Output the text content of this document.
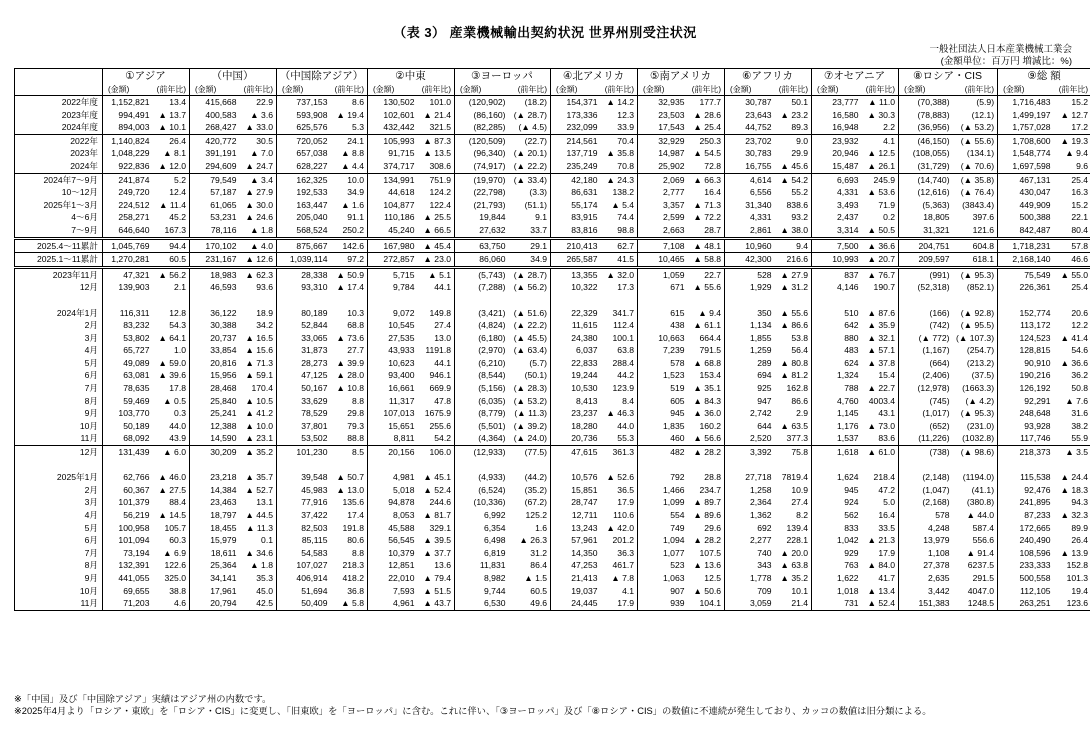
（表 3） 産業機械輸出契約状況 世界州別受注状況
一般社団法人日本産業機械工業会
(金額単位：百万円 増減比：%)
	①アジア		（中国）		（中国除アジア）		②中東		③ヨーロッパ		④北アメリカ		⑤南アメリカ		⑥アフリカ		⑦オセアニア		⑧ロシア・CIS		⑨総 額	
	(金額)	(前年比)	(金額)	(前年比)	(金額)	(前年比)	(金額)	(前年比)	(金額)	(前年比)	(金額)	(前年比)	(金額)	(前年比)	(金額)	(前年比)	(金額)	(前年比)	(金額)	(前年比)	(金額)	(前年比)
2022年度	1,152,821	13.4	415,668	22.9	737,153	8.6	130,502	101.0	(120,902)	(18.2)	154,371	▲ 14.2	32,935	177.7	30,787	50.1	23,777	▲ 11.0	(70,388)	(5.9)	1,716,483	15.2
2023年度	994,491	▲ 13.7	400,583	▲ 3.6	593,908	▲ 19.4	102,601	▲ 21.4	(86,160)	(▲ 28.7)	173,336	12.3	23,503	▲ 28.6	23,643	▲ 23.2	16,580	▲ 30.3	(78,883)	(12.1)	1,499,197	▲ 12.7
2024年度	894,003	▲ 10.1	268,427	▲ 33.0	625,576	5.3	432,442	321.5	(82,285)	(▲ 4.5)	232,099	33.9	17,543	▲ 25.4	44,752	89.3	16,948	2.2	(36,956)	(▲ 53.2)	1,757,028	17.2
2022年	1,140,824	26.4	420,772	30.5	720,052	24.1	105,993	▲ 87.3	(120,509)	(22.7)	214,561	70.4	32,929	250.3	23,702	9.0	23,932	4.1	(46,150)	(▲ 55.6)	1,708,600	▲ 19.3
2023年	1,048,229	▲ 8.1	391,191	▲ 7.0	657,038	▲ 8.8	91,715	▲ 13.5	(96,340)	(▲ 20.1)	137,719	▲ 35.8	14,987	▲ 54.5	30,783	29.9	20,946	▲ 12.5	(108,055)	(134.1)	1,548,774	▲ 9.4
2024年	922,836	▲ 12.0	294,609	▲ 24.7	628,227	▲ 4.4	374,717	308.6	(74,917)	(▲ 22.2)	235,249	70.8	25,902	72.8	16,755	▲ 45.6	15,487	▲ 26.1	(31,729)	(▲ 70.6)	1,697,598	9.6
2024年7～9月	241,874	5.2	79,549	▲ 3.4	162,325	10.0	134,991	751.9	(19,970)	(▲ 33.4)	42,180	▲ 24.3	2,069	▲ 66.3	4,614	▲ 54.2	6,693	245.9	(14,740)	(▲ 35.8)	467,131	25.4
10～12月	249,720	12.4	57,187	▲ 27.9	192,533	34.9	44,618	124.2	(22,798)	(3.3)	86,631	138.2	2,777	16.4	6,556	55.2	4,331	▲ 53.6	(12,616)	(▲ 76.4)	430,047	16.3
2025年1～3月	224,512	▲ 11.4	61,065	▲ 30.0	163,447	▲ 1.6	104,877	122.4	(21,793)	(51.1)	55,174	▲ 5.4	3,357	▲ 71.3	31,340	838.6	3,493	71.9	(5,363)	(3843.4)	449,909	15.2
4～6月	258,271	45.2	53,231	▲ 24.6	205,040	91.1	110,186	▲ 25.5	19,844	9.1	83,915	74.4	2,599	▲ 72.2	4,331	93.2	2,437	0.2	18,805	397.6	500,388	22.1
7～9月	646,640	167.3	78,116	▲ 1.8	568,524	250.2	45,240	▲ 66.5	27,632	33.7	83,816	98.8	2,663	28.7	2,861	▲ 38.0	3,314	▲ 50.5	31,321	121.6	842,487	80.4
2025.4～11累計	1,045,769	94.4	170,102	▲ 4.0	875,667	142.6	167,980	▲ 45.4	63,750	29.1	210,413	62.7	7,108	▲ 48.1	10,960	9.4	7,500	▲ 36.6	204,751	604.8	1,718,231	57.8
2025.1～11累計	1,270,281	60.5	231,167	▲ 12.6	1,039,114	97.2	272,857	▲ 23.0	86,060	34.9	265,587	41.5	10,465	▲ 58.8	42,300	216.6	10,993	▲ 20.7	209,597	618.1	2,168,140	46.6
2023年11月	47,321	▲ 56.2	18,983	▲ 62.3	28,338	▲ 50.9	5,715	▲ 5.1	(5,743)	(▲ 28.7)	13,355	▲ 32.0	1,059	22.7	528	▲ 27.9	837	▲ 76.7	(991)	(▲ 95.3)	75,549	▲ 55.0
12月	139,903	2.1	46,593	93.6	93,310	▲ 17.4	9,784	44.1	(7,288)	(▲ 56.2)	10,322	17.3	671	▲ 55.6	1,929	▲ 31.2	4,146	190.7	(52,318)	(852.1)	226,361	25.4

2024年1月	116,311	12.8	36,122	18.9	80,189	10.3	9,072	149.8	(3,421)	(▲ 51.6)	22,329	341.7	615	▲ 9.4	350	▲ 55.6	510	▲ 87.6	(166)	(▲ 92.8)	152,774	20.6
2月	83,232	54.3	30,388	34.2	52,844	68.8	10,545	27.4	(4,824)	(▲ 22.2)	11,615	112.4	438	▲ 61.1	1,134	▲ 86.6	642	▲ 35.9	(742)	(▲ 95.5)	113,172	12.2
3月	53,802	▲ 64.1	20,737	▲ 16.5	33,065	▲ 73.6	27,535	13.0	(6,180)	(▲ 45.5)	24,380	100.1	10,663	664.4	1,855	53.8	880	▲ 32.1	(▲ 772)	(▲ 107.3)	124,523	▲ 41.4
4月	65,727	1.0	33,854	▲ 15.6	31,873	27.7	43,933	1191.8	(2,970)	(▲ 63.4)	6,037	63.8	7,239	791.5	1,259	56.4	483	▲ 57.1	(1,167)	(254.7)	128,815	54.6
5月	49,089	▲ 59.0	20,816	▲ 71.3	28,273	▲ 39.9	10,623	44.1	(6,210)	(5.7)	22,833	288.4	578	▲ 68.8	289	▲ 80.8	624	▲ 37.8	(664)	(213.2)	90,910	▲ 36.6
6月	63,081	▲ 39.6	15,956	▲ 59.1	47,125	▲ 28.0	93,400	946.1	(8,544)	(50.1)	19,244	44.2	1,523	153.4	694	▲ 81.2	1,324	15.4	(2,406)	(37.5)	190,216	36.2
7月	78,635	17.8	28,468	170.4	50,167	▲ 10.8	16,661	669.9	(5,156)	(▲ 28.3)	10,530	123.9	519	▲ 35.1	925	162.8	788	▲ 22.7	(12,978)	(1663.3)	126,192	50.8
8月	59,469	▲ 0.5	25,840	▲ 10.5	33,629	8.8	11,317	47.8	(6,035)	(▲ 53.2)	8,413	8.4	605	▲ 84.3	947	86.6	4,760	4003.4	(745)	(▲ 4.2)	92,291	▲ 7.6
9月	103,770	0.3	25,241	▲ 41.2	78,529	29.8	107,013	1675.9	(8,779)	(▲ 11.3)	23,237	▲ 46.3	945	▲ 36.0	2,742	2.9	1,145	43.1	(1,017)	(▲ 95.3)	248,648	31.6
10月	50,189	44.0	12,388	▲ 10.0	37,801	79.3	15,651	255.6	(5,501)	(▲ 39.2)	18,280	44.0	1,835	160.2	644	▲ 63.5	1,176	▲ 73.0	(652)	(231.0)	93,928	38.2
11月	68,092	43.9	14,590	▲ 23.1	53,502	88.8	8,811	54.2	(4,364)	(▲ 24.0)	20,736	55.3	460	▲ 56.6	2,520	377.3	1,537	83.6	(11,226)	(1032.8)	117,746	55.9
12月	131,439	▲ 6.0	30,209	▲ 35.2	101,230	8.5	20,156	106.0	(12,933)	(77.5)	47,615	361.3	482	▲ 28.2	3,392	75.8	1,618	▲ 61.0	(738)	(▲ 98.6)	218,373	▲ 3.5

2025年1月	62,766	▲ 46.0	23,218	▲ 35.7	39,548	▲ 50.7	4,981	▲ 45.1	(4,933)	(44.2)	10,576	▲ 52.6	792	28.8	27,718	7819.4	1,624	218.4	(2,148)	(1194.0)	115,538	▲ 24.4
2月	60,367	▲ 27.5	14,384	▲ 52.7	45,983	▲ 13.0	5,018	▲ 52.4	(6,524)	(35.2)	15,851	36.5	1,466	234.7	1,258	10.9	945	47.2	(1,047)	(41.1)	92,476	▲ 18.3
3月	101,379	88.4	23,463	13.1	77,916	135.6	94,878	244.6	(10,336)	(67.2)	28,747	17.9	1,099	▲ 89.7	2,364	27.4	924	5.0	(2,168)	(380.8)	241,895	94.3
4月	56,219	▲ 14.5	18,797	▲ 44.5	37,422	17.4	8,053	▲ 81.7	6,992	125.2	12,711	110.6	554	▲ 89.6	1,362	8.2	562	16.4	578	▲ 44.0	87,233	▲ 32.3
5月	100,958	105.7	18,455	▲ 11.3	82,503	191.8	45,588	329.1	6,354	1.6	13,243	▲ 42.0	749	29.6	692	139.4	833	33.5	4,248	587.4	172,665	89.9
6月	101,094	60.3	15,979	0.1	85,115	80.6	56,545	▲ 39.5	6,498	▲ 26.3	57,961	201.2	1,094	▲ 28.2	2,277	228.1	1,042	▲ 21.3	13,979	556.6	240,490	26.4
7月	73,194	▲ 6.9	18,611	▲ 34.6	54,583	8.8	10,379	▲ 37.7	6,819	31.2	14,350	36.3	1,077	107.5	740	▲ 20.0	929	17.9	1,108	▲ 91.4	108,596	▲ 13.9
8月	132,391	122.6	25,364	▲ 1.8	107,027	218.3	12,851	13.6	11,831	86.4	47,253	461.7	523	▲ 13.6	343	▲ 63.8	763	▲ 84.0	27,378	6237.5	233,333	152.8
9月	441,055	325.0	34,141	35.3	406,914	418.2	22,010	▲ 79.4	8,982	▲ 1.5	21,413	▲ 7.8	1,063	12.5	1,778	▲ 35.2	1,622	41.7	2,635	291.5	500,558	101.3
10月	69,655	38.8	17,961	45.0	51,694	36.8	7,593	▲ 51.5	9,744	60.5	19,037	4.1	907	▲ 50.6	709	10.1	1,018	▲ 13.4	3,442	4047.0	112,105	19.4
11月	71,203	4.6	20,794	42.5	50,409	▲ 5.8	4,961	▲ 43.7	6,530	49.6	24,445	17.9	939	104.1	3,059	21.4	731	▲ 52.4	151,383	1248.5	263,251	123.6
※「中国」及び「中国除アジア」実績はアジア州の内数です。
※2025年4月より「ロシア・東欧」を「ロシア・CIS」に変更し、「旧東欧」を「ヨーロッパ」に含む。これに伴い、「③ヨーロッパ」及び「⑧ロシア・CIS」の数値に不連続が発生しており、カッコの数値は旧分類による。
